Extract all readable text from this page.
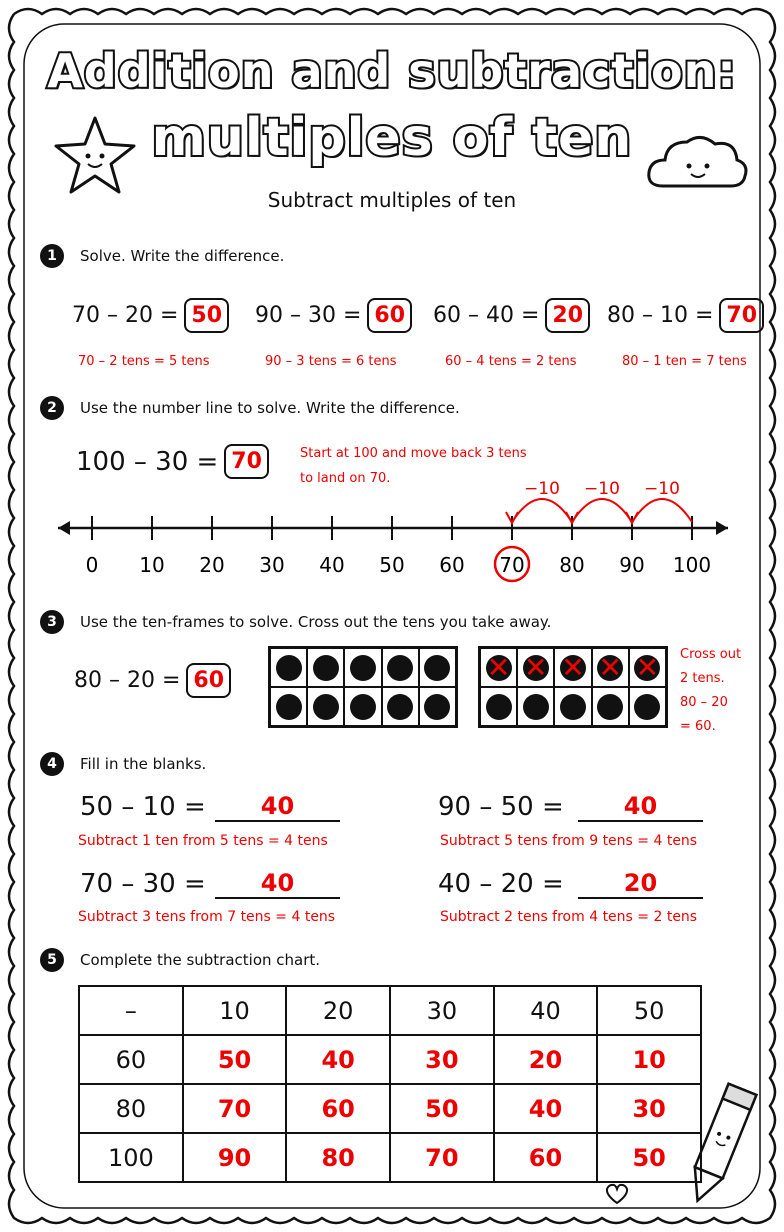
Addition and subtraction:
multiples of ten
Subtract multiples of ten
1	Solve. Write the difference.
70 – 20 = 50	90 – 30 = 60	60 – 40 = 20	80 – 10 = 70
70 – 2 tens = 5 tens	90 – 3 tens = 6 tens	60 – 4 tens = 2 tens	80 – 1 ten = 7 tens
2	Use the number line to solve. Write the difference.
100 – 30 = 70	Start at 100 and move back 3 tens
to land on 70.
0 10 20 30 40 50 60 70 80 90 100
−10
−10
−10
3	Use the ten-frames to solve. Cross out the tens you take away.
80 – 20 = 60	✕ ✕ ✕ ✕ ✕ Cross out
2 tens.
80 – 20
= 60.
4	Fill in the blanks.
50 – 10 =	40
Subtract 1 ten from 5 tens = 4 tens
90 – 50 =	40
Subtract 5 tens from 9 tens = 4 tens
70 – 30 =	40
Subtract 3 tens from 7 tens = 4 tens
40 – 20 =	20
Subtract 2 tens from 4 tens = 2 tens
5	Complete the subtraction chart.
–	10	20	30	40	50
60	50	40	30	20	10
80	70	60	50	40	30
100	90	80	70	60	50
